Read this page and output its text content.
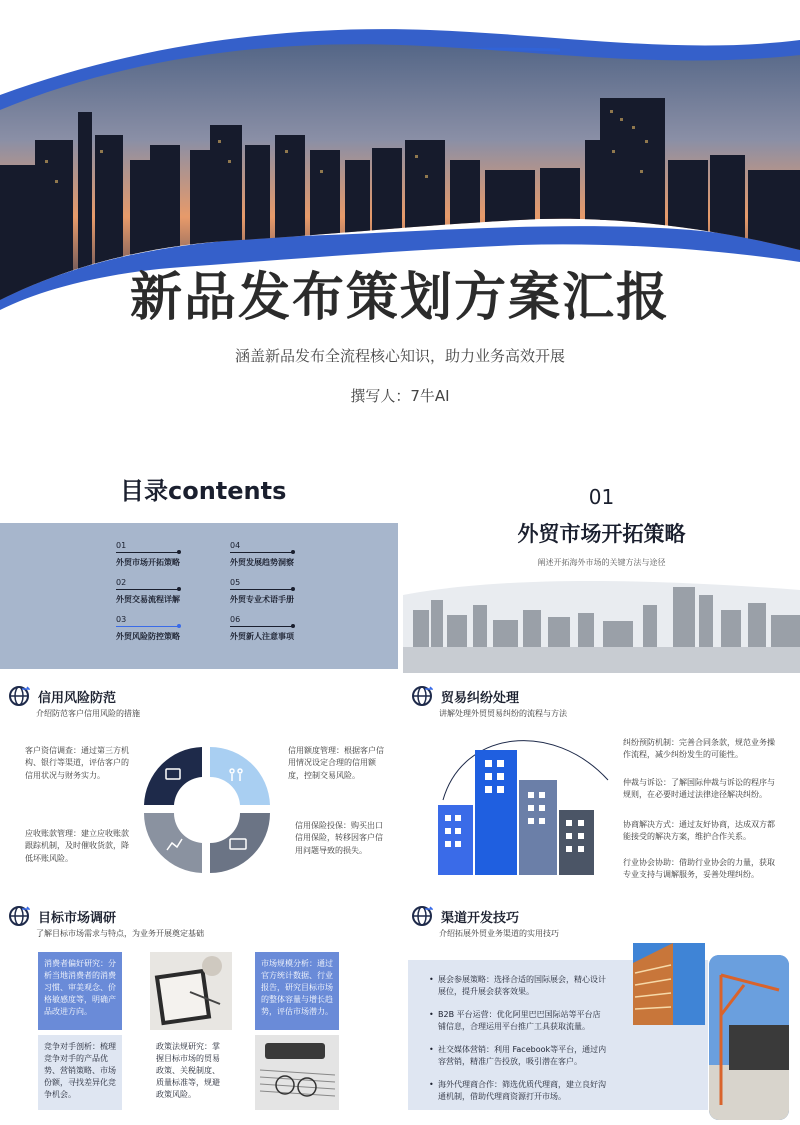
新品发布策划方案汇报
涵盖新品发布全流程核心知识，助力业务高效开展
撰写人：7牛AI
目录contents
01
外贸市场开拓策略
02
外贸交易流程详解
03
外贸风险防控策略
04
外贸发展趋势洞察
05
外贸专业术语手册
06
外贸新人注意事项
01
外贸市场开拓策略
阐述开拓海外市场的关键方法与途径
信用风险防范
介绍防范客户信用风险的措施
客户资信调查：通过第三方机构、银行等渠道，评估客户的信用状况与财务实力。
信用额度管理：根据客户信用情况设定合理的信用额度，控制交易风险。
应收账款管理：建立应收账款跟踪机制，及时催收货款，降低坏账风险。
信用保险投保：购买出口信用保险，转移因客户信用问题导致的损失。
贸易纠纷处理
讲解处理外贸贸易纠纷的流程与方法
纠纷预防机制：完善合同条款，规范业务操作流程，减少纠纷发生的可能性。
仲裁与诉讼：了解国际仲裁与诉讼的程序与规则，在必要时通过法律途径解决纠纷。
协商解决方式：通过友好协商，达成双方都能接受的解决方案，维护合作关系。
行业协会协助：借助行业协会的力量，获取专业支持与调解服务，妥善处理纠纷。
目标市场调研
了解目标市场需求与特点，为业务开展奠定基础
消费者偏好研究：分析当地消费者的消费习惯、审美观念、价格敏感度等，明确产品改进方向。
市场规模分析：通过官方统计数据、行业报告，研究目标市场的整体容量与增长趋势，评估市场潜力。
竞争对手剖析：梳理竞争对手的产品优势、营销策略、市场份额，寻找差异化竞争机会。
政策法规研究：掌握目标市场的贸易政策、关税制度、质量标准等，规避政策风险。
渠道开发技巧
介绍拓展外贸业务渠道的实用技巧
• 展会参展策略：选择合适的国际展会，精心设计展位，提升展会获客效果。
• B2B 平台运营：优化阿里巴巴国际站等平台店铺信息，合理运用平台推广工具获取流量。
• 社交媒体营销：利用 Facebook等平台，通过内容营销，精准广告投放，吸引潜在客户。
• 海外代理商合作：筛选优质代理商，建立良好沟通机制，借助代理商资源打开市场。
